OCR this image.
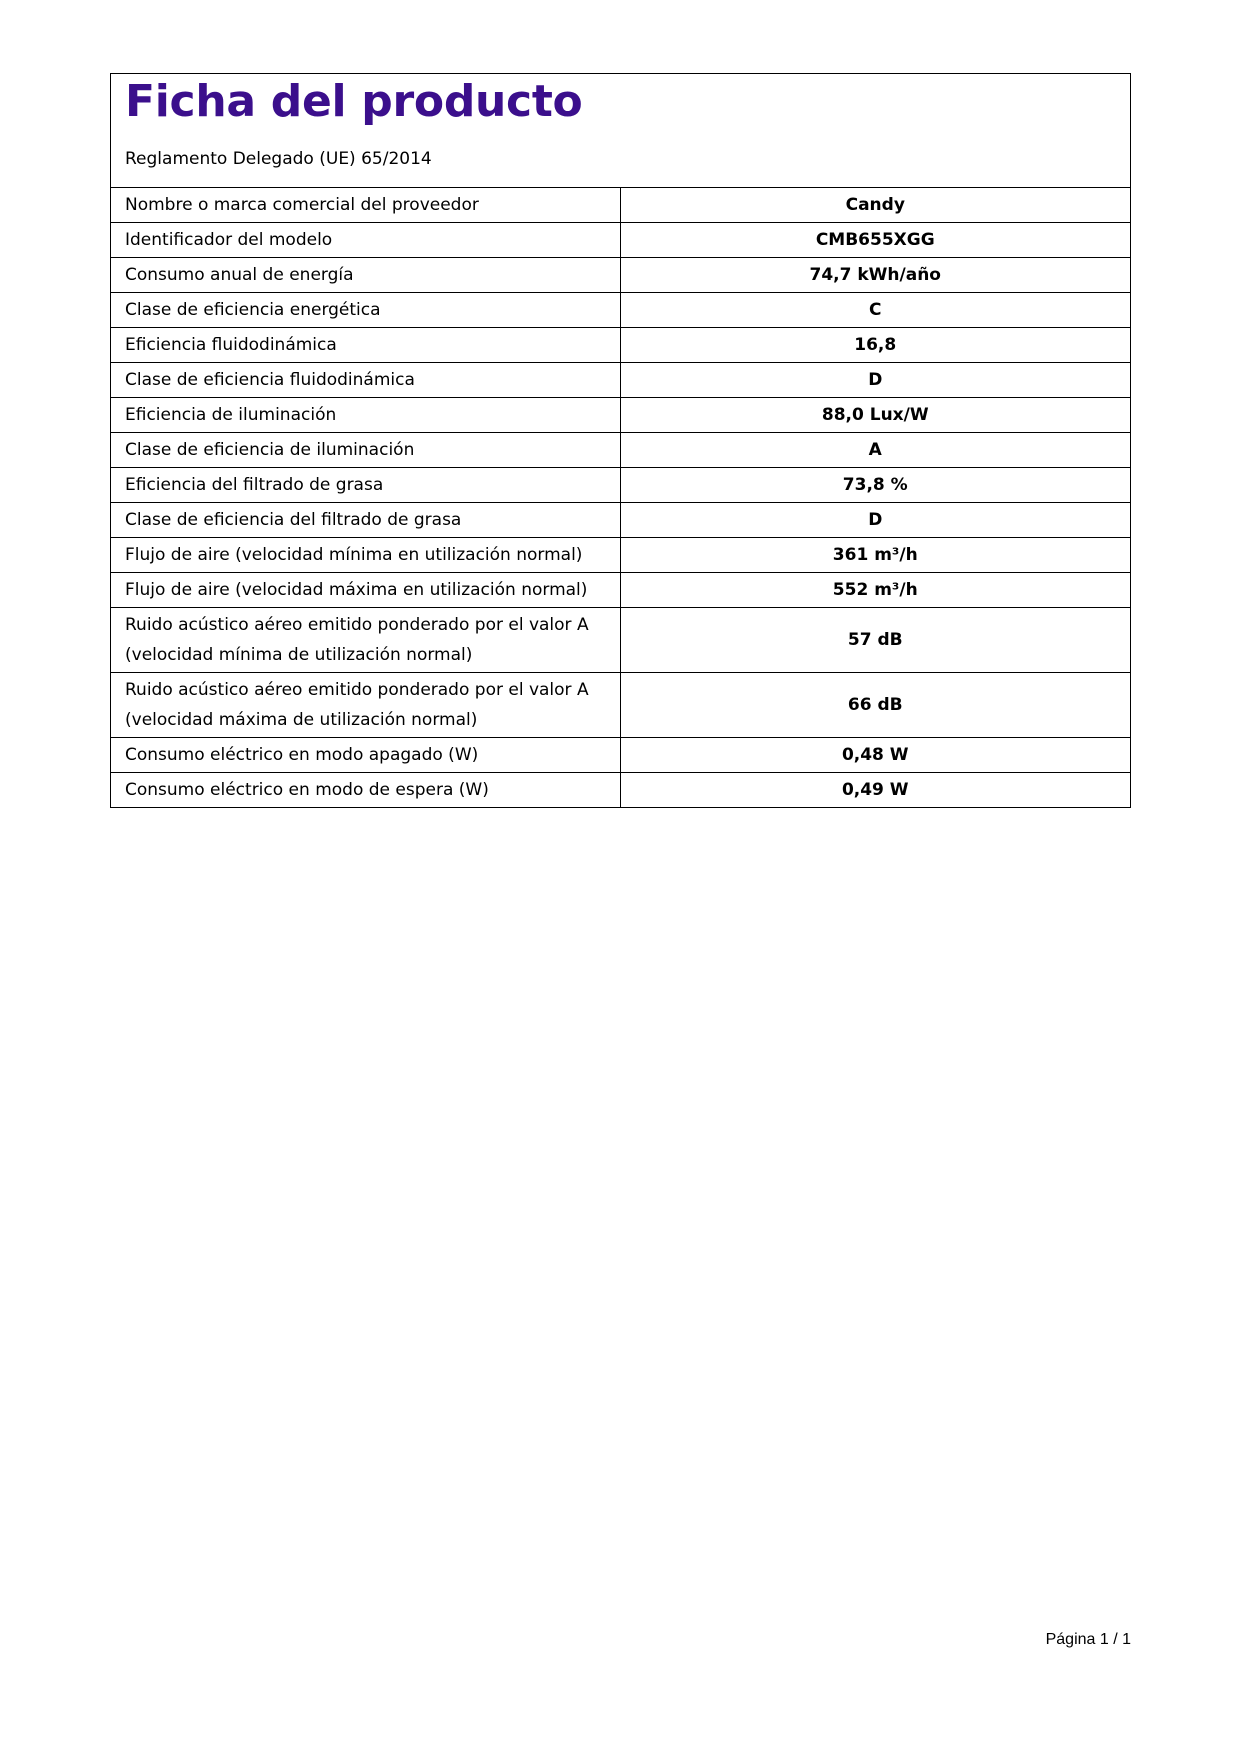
Ficha del producto
Reglamento Delegado (UE) 65/2014
Nombre o marca comercial del proveedor	Candy
Identificador del modelo	CMB655XGG
Consumo anual de energía	74,7 kWh/año
Clase de eficiencia energética	C
Eficiencia fluidodinámica	16,8
Clase de eficiencia fluidodinámica	D
Eficiencia de iluminación	88,0 Lux/W
Clase de eficiencia de iluminación	A
Eficiencia del filtrado de grasa	73,8 %
Clase de eficiencia del filtrado de grasa	D
Flujo de aire (velocidad mínima en utilización normal)	361 m³/h
Flujo de aire (velocidad máxima en utilización normal)	552 m³/h

Ruido acústico aéreo emitido ponderado por el valor A
(velocidad mínima de utilización normal)	57 dB

Ruido acústico aéreo emitido ponderado por el valor A
(velocidad máxima de utilización normal)	66 dB
Consumo eléctrico en modo apagado (W)	0,48 W
Consumo eléctrico en modo de espera (W)	0,49 W
Página 1 / 1
